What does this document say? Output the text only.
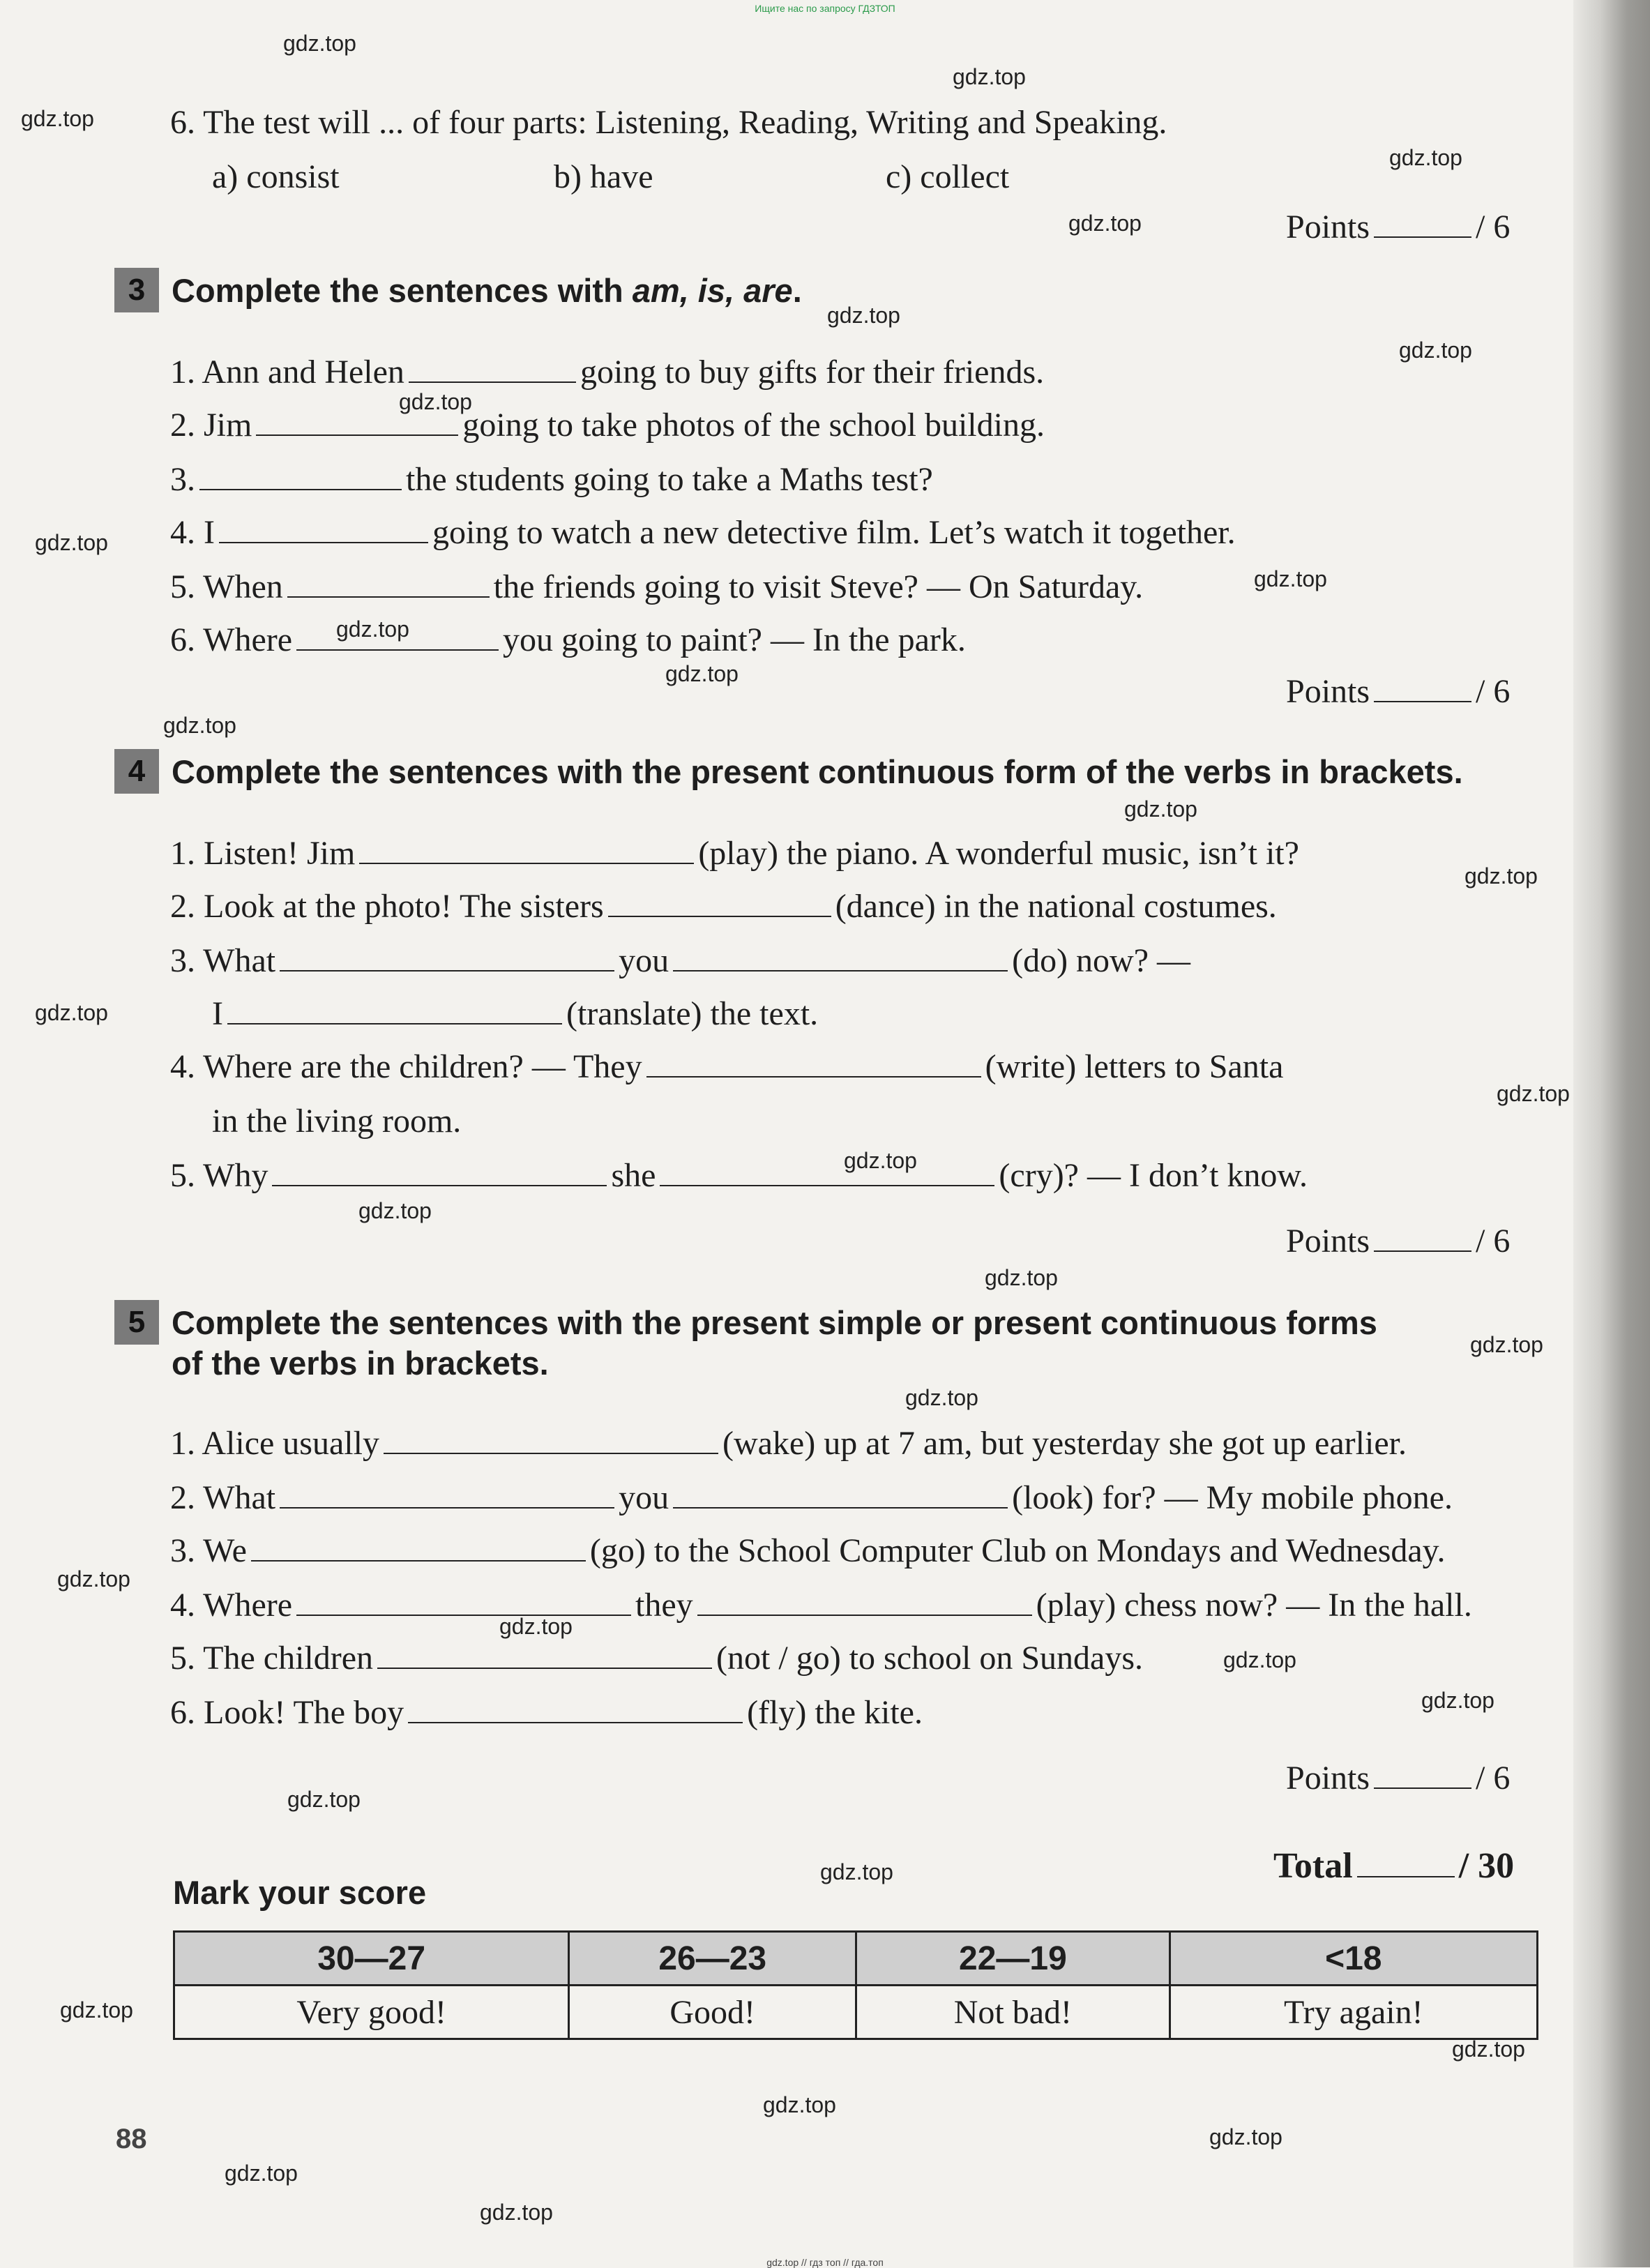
Ищите нас по запросу ГДЗТОП
gdz.top
gdz.top
gdz.top
gdz.top
gdz.top
gdz.top
gdz.top
gdz.top
gdz.top
gdz.top
gdz.top
gdz.top
gdz.top
gdz.top
gdz.top
gdz.top
gdz.top
gdz.top
gdz.top
gdz.top
gdz.top
gdz.top
gdz.top
gdz.top
gdz.top
gdz.top
gdz.top
gdz.top
gdz.top
gdz.top
gdz.top
gdz.top
gdz.top
gdz.top
6. The test will ... of four parts: Listening, Reading, Writing and Speaking.
a) consist	b) have	c) collect
Points	/ 6
3 Complete the sentences with am, is, are.
1. Ann and Helen	going to buy gifts for their friends.
2. Jim	going to take photos of the school building.
3.	the students going to take a Maths test?
4. I	going to watch a new detective film. Let’s watch it together.
5. When	the friends going to visit Steve? — On Saturday.
6. Where	you going to paint? — In the park.
Points	/ 6
4 Complete the sentences with the present continuous form of the verbs in brackets.
1. Listen! Jim	(play) the piano. A wonderful music, isn’t it?
2. Look at the photo! The sisters	(dance) in the national costumes.
3. What	you	(do) now? —
I	(translate) the text.
4. Where are the children? — They	(write) letters to Santa
in the living room.
5. Why	she	(cry)? — I don’t know.
Points	/ 6
5 Complete the sentences with the present simple or present continuous forms
of the verbs in brackets.
1. Alice usually	(wake) up at 7 am, but yesterday she got up earlier.
2. What	you	(look) for? — My mobile phone.
3. We	(go) to the School Computer Club on Mondays and Wednesday.
4. Where	they	(play) chess now? — In the hall.
5. The children	(not / go) to school on Sundays.
6. Look! The boy	(fly) the kite.
Points	/ 6
Total	/ 30
Mark your score
30—27	26—23	22—19	<18
Very good!	Good!	Not bad!	Try again!
88
gdz.top // гдз топ // гда.топ
